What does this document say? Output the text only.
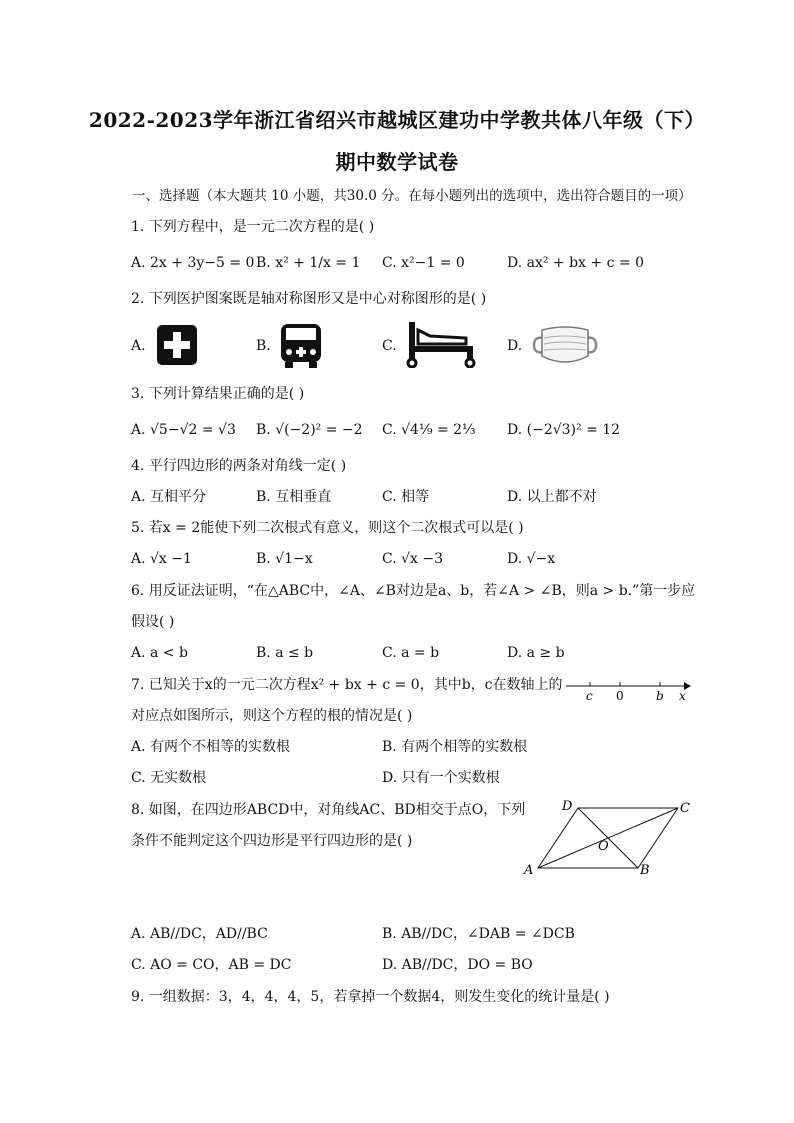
2022-2023学年浙江省绍兴市越城区建功中学教共体八年级（下）
期中数学试卷
一、选择题（本大题共 10 小题，共30.0 分。在每小题列出的选项中，选出符合题目的一项）
1. 下列方程中，是一元二次方程的是( )
A. 2x + 3y−5 = 0 B. x² + 1/x = 1 C. x²−1 = 0	D. ax² + bx + c = 0
2. 下列医护图案既是轴对称图形又是中心对称图形的是( )
A.	B.	C.	D.
3. 下列计算结果正确的是( )
A. √5−√2 = √3 B. √(−2)² = −2 C. √4⅑ = 2⅓ D. (−2√3)² = 12
4. 平行四边形的两条对角线一定( )
A. 互相平分	B. 互相垂直	C. 相等	D. 以上都不对
5. 若x = 2能使下列二次根式有意义，则这个二次根式可以是( )
A. √x −1	B. √1−x	C. √x −3	D. √−x
6. 用反证法证明，“在△ABC中，∠A、∠B对边是a、b，若∠A > ∠B，则a > b.”第一步应
假设( )
A. a < b	B. a ≤ b	C. a = b	D. a ≥ b
7. 已知关于x的一元二次方程x² + bx + c = 0，其中b，c在数轴上的
对应点如图所示，则这个方程的根的情况是( )
c 0	b x
A. 有两个不相等的实数根	B. 有两个相等的实数根
C. 无实数根	D. 只有一个实数根
8. 如图，在四边形ABCD中，对角线AC、BD相交于点O，下列
条件不能判定这个四边形是平行四边形的是( )
A	B
C
D
O
A. AB//DC，AD//BC	B. AB//DC，∠DAB = ∠DCB
C. AO = CO，AB = DC	D. AB//DC，DO = BO
9. 一组数据：3，4，4，4，5，若拿掉一个数据4，则发生变化的统计量是( )
